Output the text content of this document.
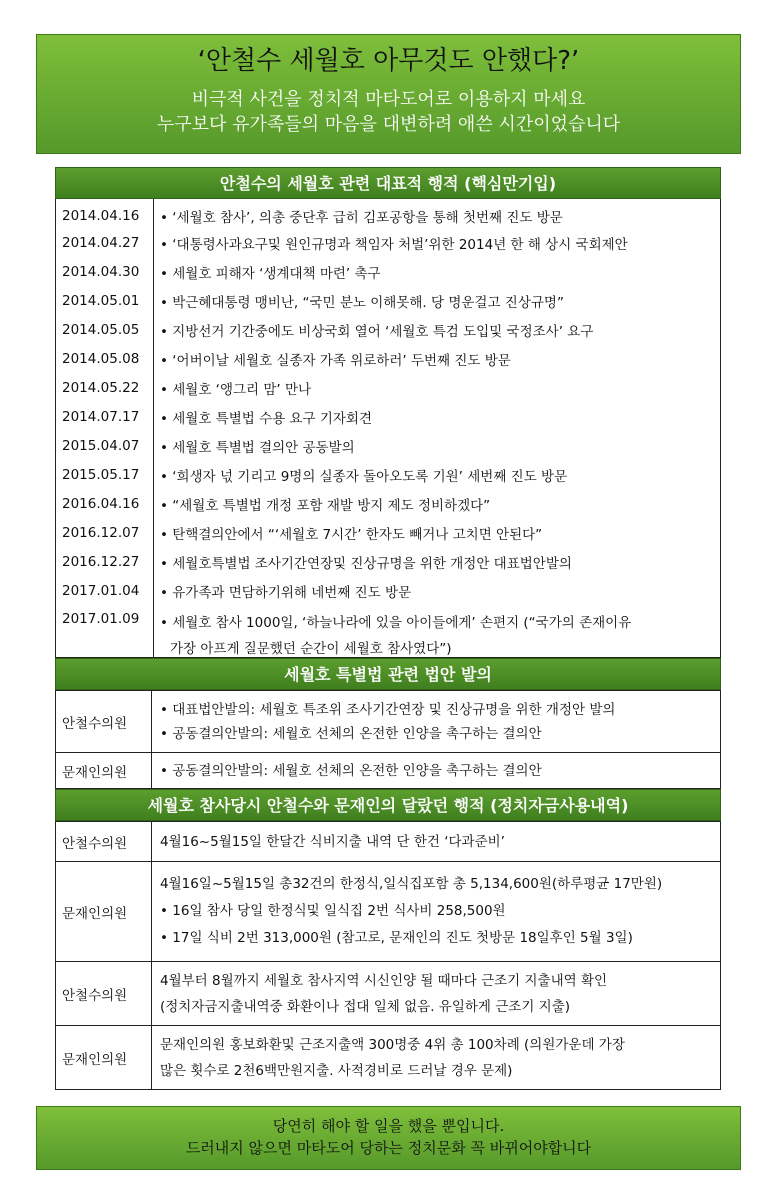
‘안철수 세월호 아무것도 안했다?’
비극적 사건을 정치적 마타도어로 이용하지 마세요
누구보다 유가족들의 마음을 대변하려 애쓴 시간이었습니다
안철수의 세월호 관련 대표적 행적 (핵심만기입)
2014.04.16	• ‘세월호 참사’, 의총 중단후 급히 김포공항을 통해 첫번째 진도 방문

2014.04.27	• ‘대통령사과요구및 원인규명과 책임자 처벌’위한 2014년 한 해 상시 국회제안

2014.04.30	• 세월호 피해자 ‘생계대책 마련’ 촉구

2014.05.01	• 박근혜대통령 맹비난, “국민 분노 이해못해. 당 명운걸고 진상규명”

2014.05.05	• 지방선거 기간중에도 비상국회 열어 ‘세월호 특검 도입및 국정조사’ 요구

2014.05.08	• ‘어버이날 세월호 실종자 가족 위로하러’ 두번째 진도 방문

2014.05.22	• 세월호 ‘앵그리 맘’ 만나

2014.07.17	• 세월호 특별법 수용 요구 기자회견

2015.04.07	• 세월호 특별법 결의안 공동발의

2015.05.17	• ‘희생자 넋 기리고 9명의 실종자 돌아오도록 기원’ 세번째 진도 방문

2016.04.16	• “세월호 특별법 개정 포함 재발 방지 제도 정비하겠다”

2016.12.07	• 탄핵결의안에서 “‘세월호 7시간’ 한자도 빼거나 고치면 안된다”

2016.12.27	• 세월호특별법 조사기간연장및 진상규명을 위한 개정안 대표법안발의

2017.01.04	• 유가족과 면담하기위해 네번째 진도 방문

2017.01.09	• 세월호 참사 1000일, ‘하늘나라에 있을 아이들에게’ 손편지 (“국가의 존재이유
가장 아프게 질문했던 순간이 세월호 참사였다”)
세월호 특별법 관련 법안 발의
안철수의원	• 대표법안발의: 세월호 특조위 조사기간연장 및 진상규명을 위한 개정안 발의
• 공동결의안발의: 세월호 선체의 온전한 인양을 촉구하는 결의안

문재인의원	• 공동결의안발의: 세월호 선체의 온전한 인양을 촉구하는 결의안
세월호 참사당시 안철수와 문재인의 달랐던 행적 (정치자금사용내역)
안철수의원	4월16~5월15일 한달간 식비지출 내역 단 한건 ‘다과준비’
문재인의원	4월16일~5월15일 총32건의 한정식,일식집포함 총 5,134,600원(하루평균 17만원)
• 16일 참사 당일 한정식및 일식집 2번 식사비 258,500원
• 17일 식비 2번 313,000원 (참고로, 문재인의 진도 첫방문 18일후인 5월 3일)

안철수의원	4월부터 8월까지 세월호 참사지역 시신인양 될 때마다 근조기 지출내역 확인
(정치자금지출내역중 화환이나 접대 일체 없음. 유일하게 근조기 지출)

문재인의원	문재인의원 홍보화환및 근조지출액 300명중 4위 총 100차례 (의원가운데 가장
많은 횟수로 2천6백만원지출. 사적경비로 드러날 경우 문제)
당연히 해야 할 일을 했을 뿐입니다.
드러내지 않으면 마타도어 당하는 정치문화 꼭 바뀌어야합니다
